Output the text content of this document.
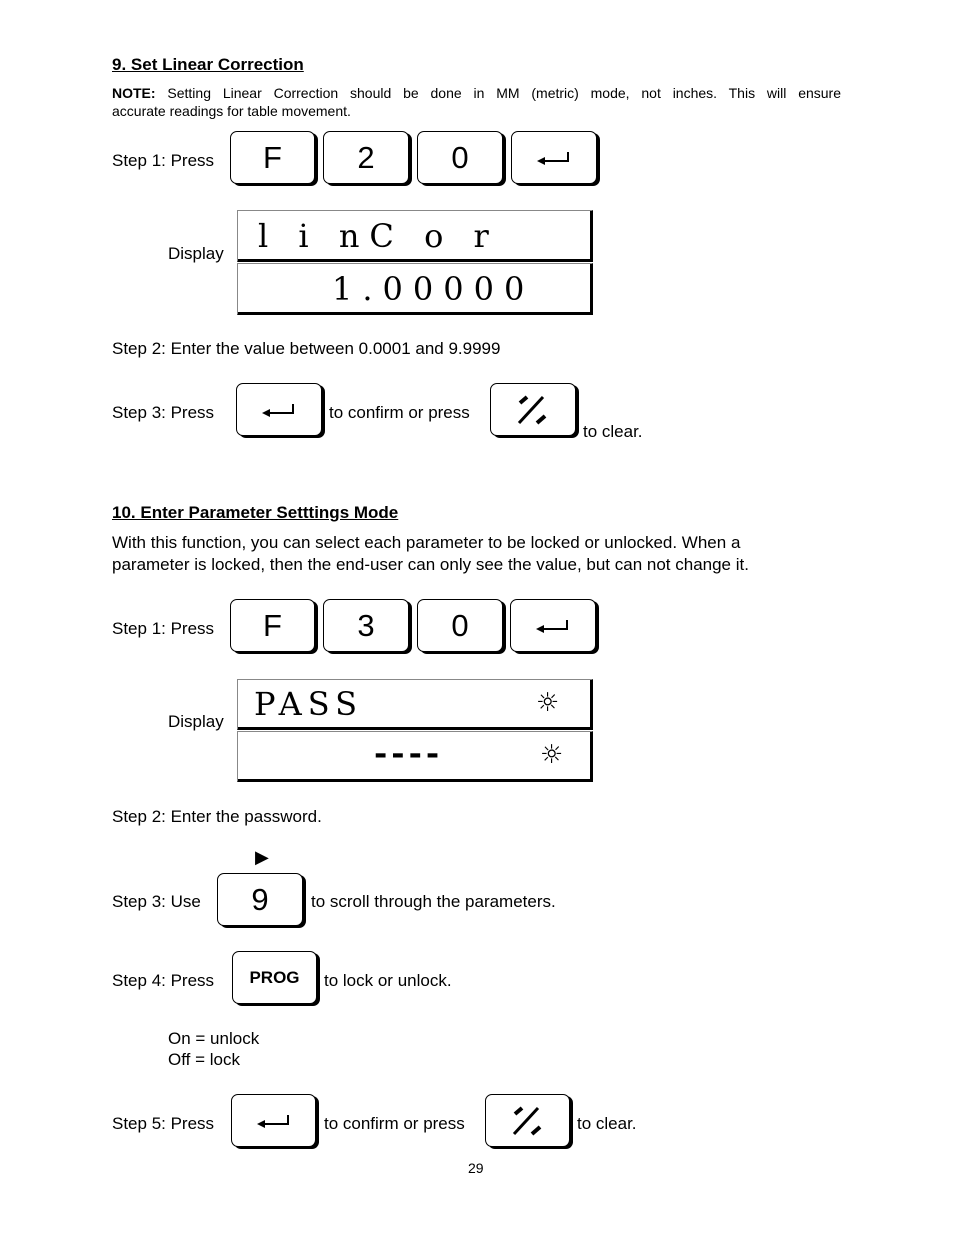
9. Set Linear Correction
NOTE: Setting Linear Correction should be done in MM (metric) mode, not inches. This will ensure
accurate readings for table movement.
Step 1: Press	F	2	0
Display l i nC o r
1.00000
Step 2: Enter the value between 0.0001 and 9.9999
Step 3: Press	to confirm or press
to clear.
10. Enter Parameter Setttings Mode
With this function, you can select each parameter to be locked or unlocked. When a
parameter is locked, then the end-user can only see the value, but can not change it.
Step 1: Press	F	3	0
Display PASS	☼
----	☼
Step 2: Enter the password.
▶
Step 3: Use	9	to scroll through the parameters.
Step 4: Press	PROG	to lock or unlock.
On = unlock
Off = lock
Step 5: Press	to confirm or press	to clear.
29
